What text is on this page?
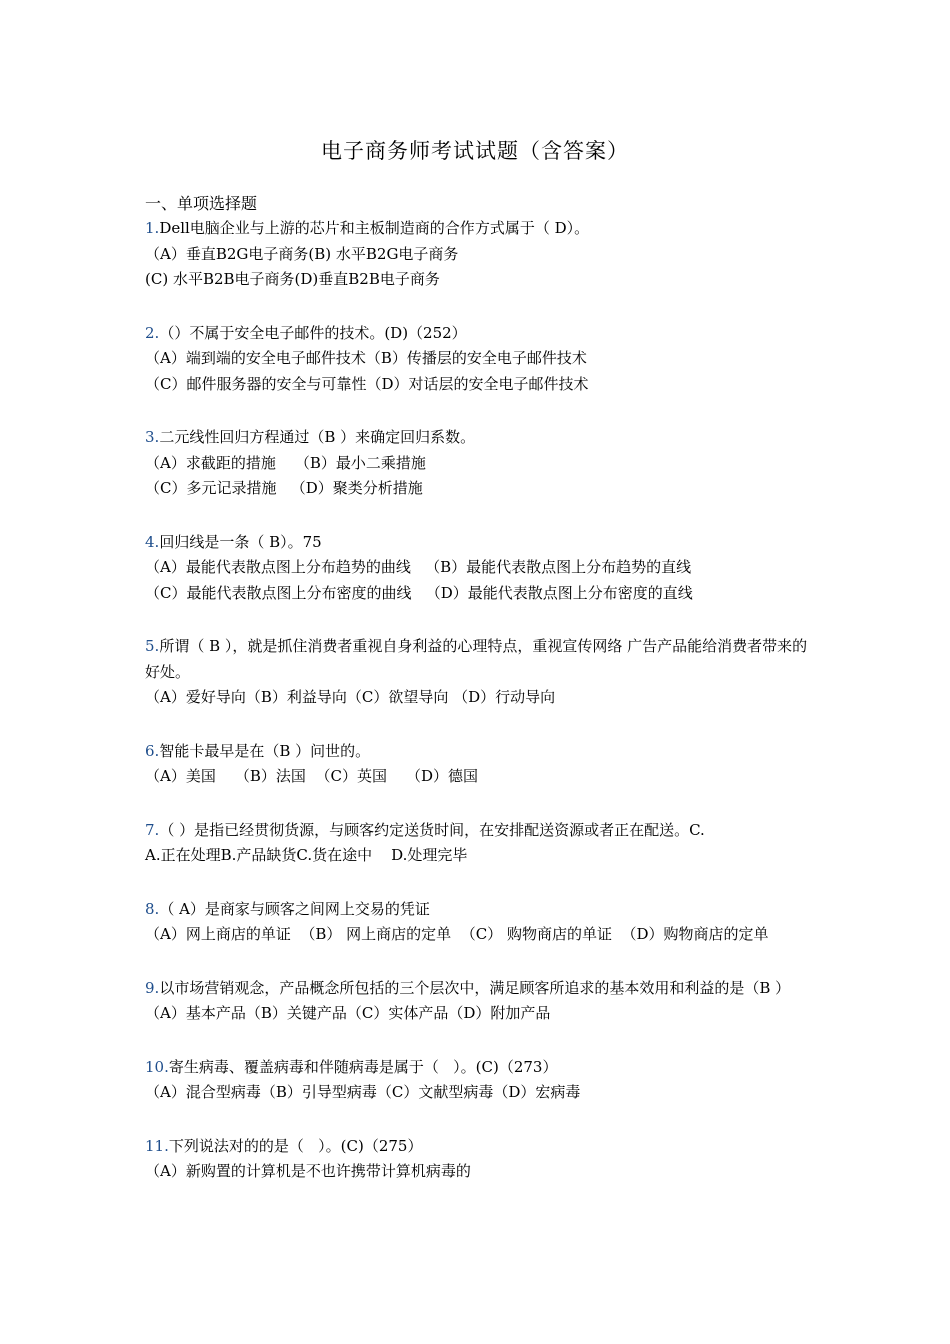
电子商务师考试试题（含答案）
一、单项选择题
1.Dell电脑企业与上游的芯片和主板制造商的合作方式属于（ D）。
（A）垂直B2G电子商务(B) 水平B2G电子商务
(C) 水平B2B电子商务(D)垂直B2B电子商务
2.（）不属于安全电子邮件的技术。(D)（252）
（A）端到端的安全电子邮件技术（B）传播层的安全电子邮件技术
（C）邮件服务器的安全与可靠性（D）对话层的安全电子邮件技术
3.二元线性回归方程通过（B ）来确定回归系数。
（A）求截距的措施    （B）最小二乘措施
（C）多元记录措施   （D）聚类分析措施
4.回归线是一条（ B）。75
（A）最能代表散点图上分布趋势的曲线   （B）最能代表散点图上分布趋势的直线
（C）最能代表散点图上分布密度的曲线   （D）最能代表散点图上分布密度的直线
5.所谓（ B ），就是抓住消费者重视自身利益的心理特点，重视宣传网络 广告产品能给消费者带来的好处。
（A）爱好导向（B）利益导向（C）欲望导向 （D）行动导向
6.智能卡最早是在（B ）问世的。
（A）美国    （B）法国  （C）英国    （D）德国
7.（ ）是指已经贯彻货源，与顾客约定送货时间，在安排配送资源或者正在配送。C.
A.正在处理B.产品缺货C.货在途中    D.处理完毕
8.（ A）是商家与顾客之间网上交易的凭证
（A）网上商店的单证  （B） 网上商店的定单  （C） 购物商店的单证  （D）购物商店的定单
9.以市场营销观念，产品概念所包括的三个层次中，满足顾客所追求的基本效用和利益的是（B ）
（A）基本产品（B）关键产品（C）实体产品（D）附加产品
10.寄生病毒、覆盖病毒和伴随病毒是属于（   ）。(C)（273）
（A）混合型病毒（B）引导型病毒（C）文献型病毒（D）宏病毒
11.下列说法对的的是（   ）。(C)（275）
（A）新购置的计算机是不也许携带计算机病毒的
